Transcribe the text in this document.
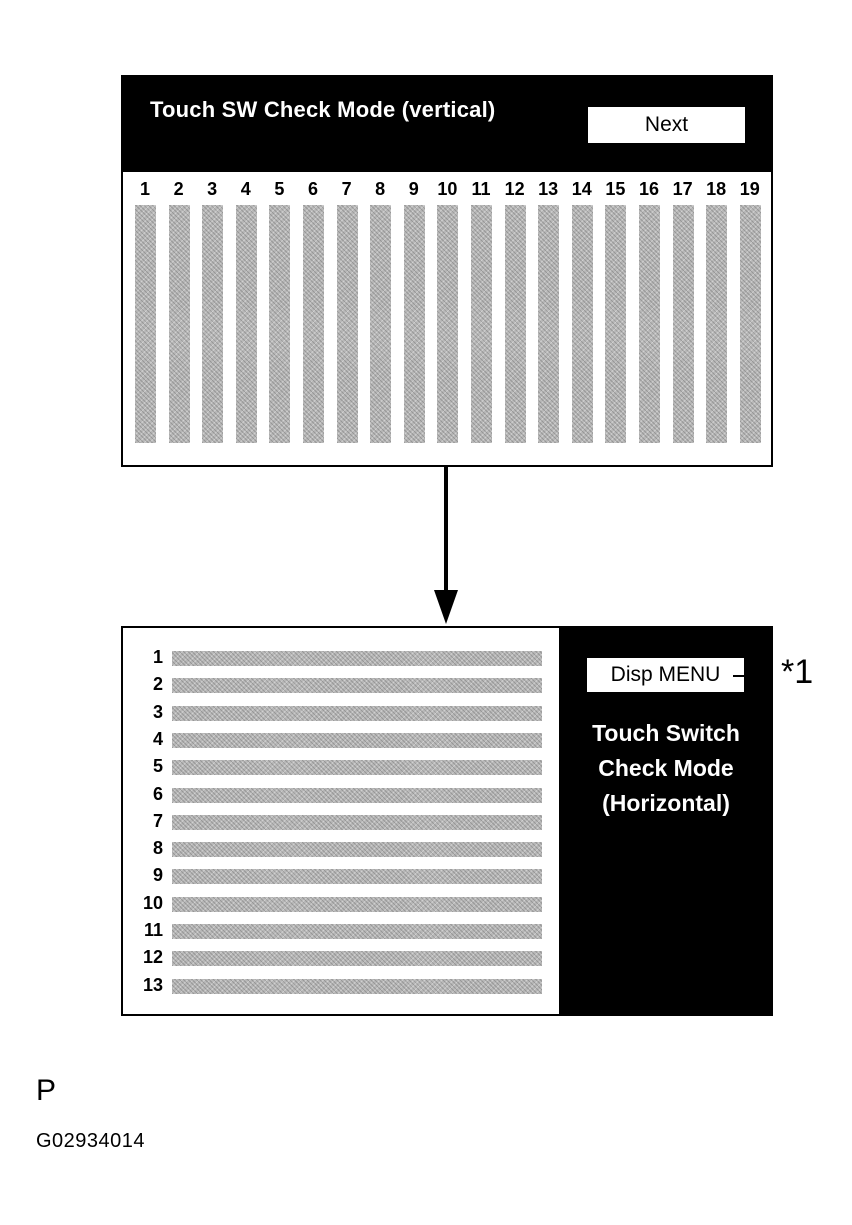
Touch SW Check Mode (vertical)
Next
1	2	3	4	5	6	7	8	9	10 11 12 13 14 15 16 17 18 19
1
2
3
4
5
6
7
8
9
10
11
12
13
Disp MENU
Touch Switch
Check Mode
(Horizontal)
*1
P
G02934014
